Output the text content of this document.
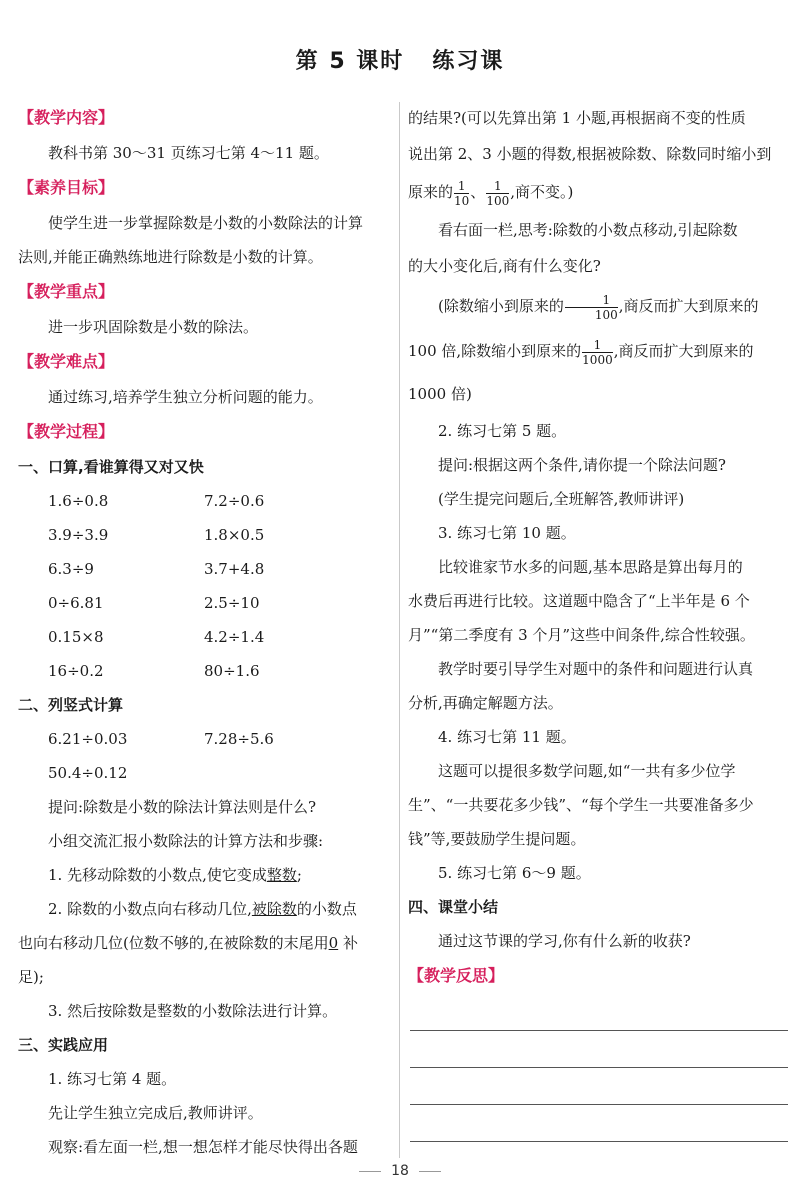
第 5 课时 练习课
【教学内容】

教科书第 30～31 页练习七第 4～11 题。

【素养目标】

使学生进一步掌握除数是小数的小数除法的计算

法则,并能正确熟练地进行除数是小数的计算。

【教学重点】

进一步巩固除数是小数的除法。

【教学难点】

通过练习,培养学生独立分析问题的能力。

【教学过程】
一、口算,看谁算得又对又快
1.6÷0.8	7.2÷0.6
3.9÷3.9	1.8×0.5
6.3÷9	3.7+4.8
0÷6.81	2.5÷10
0.15×8	4.2÷1.4
16÷0.2	80÷1.6
二、列竖式计算
6.21÷0.03	7.28÷5.6
50.4÷0.12

提问:除数是小数的除法计算法则是什么?

小组交流汇报小数除法的计算方法和步骤:

1. 先移动除数的小数点,使它变成整数;

2. 除数的小数点向右移动几位,被除数的小数点

也向右移动几位(位数不够的,在被除数的末尾用0 补

足);

3. 然后按除数是整数的小数除法进行计算。

三、实践应用

1. 练习七第 4 题。

先让学生独立完成后,教师讲评。

观察:看左面一栏,想一想怎样才能尽快得出各题

的结果?(可以先算出第 1 小题,再根据商不变的性质

说出第 2、3 小题的得数,根据被除数、除数同时缩小到

原来的 $\frac{1}{10}$ 、 $\frac{1}{100}$ ,商不变。)

看右面一栏,思考:除数的小数点移动,引起除数

的大小变化后,商有什么变化?

(除数缩小到原来的 $\frac{1}{100}$ ,商反而扩大到原来的

100 倍,除数缩小到原来的 $\frac{1}{1000}$ ,商反而扩大到原来的

1000 倍)

2. 练习七第 5 题。

提问:根据这两个条件,请你提一个除法问题?

(学生提完问题后,全班解答,教师讲评)

3. 练习七第 10 题。

比较谁家节水多的问题,基本思路是算出每月的

水费后再进行比较。这道题中隐含了“上半年是 6 个

月”“第二季度有 3 个月”这些中间条件,综合性较强。

教学时要引导学生对题中的条件和问题进行认真

分析,再确定解题方法。

4. 练习七第 11 题。

这题可以提很多数学问题,如“一共有多少位学

生”、“一共要花多少钱”、“每个学生一共要准备多少

钱”等,要鼓励学生提问题。

5. 练习七第 6～9 题。

四、课堂小结

通过这节课的学习,你有什么新的收获?

【教学反思】
18
